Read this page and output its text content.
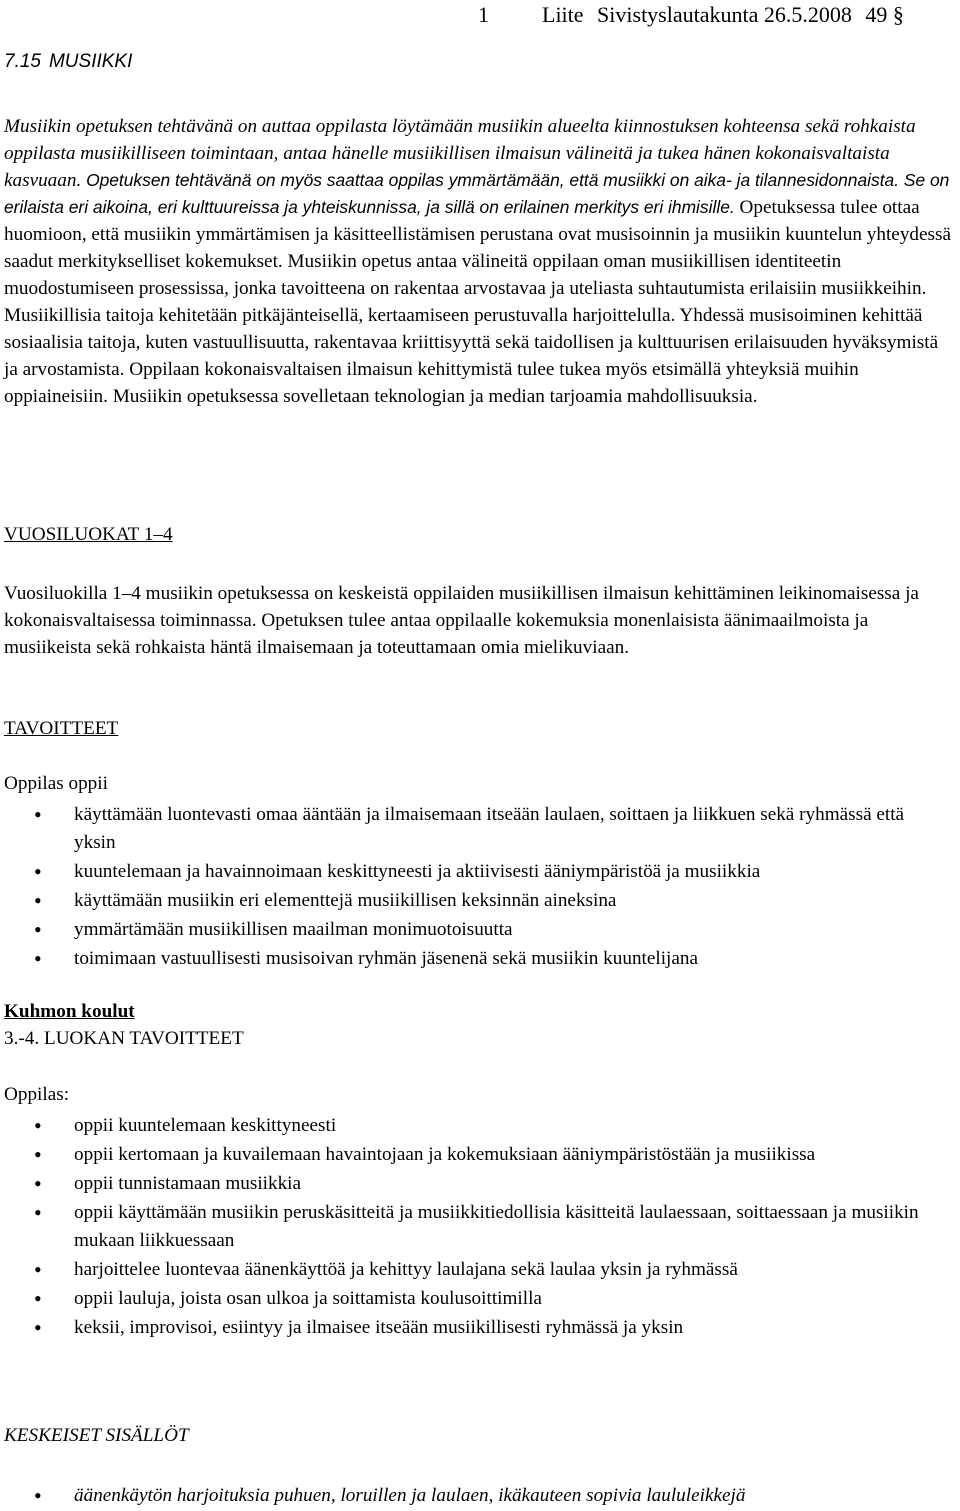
1 Liite Sivistyslautakunta 26.5.2008 49 §
7.15 MUSIIKKI

Musiikin opetuksen tehtävänä on auttaa oppilasta löytämään musiikin alueelta kiinnostuksen kohteensa sekä rohkaista oppilasta musiikilliseen toimintaan, antaa hänelle musiikillisen ilmaisun välineitä ja tukea hänen kokonaisvaltaista kasvuaan. Opetuksen tehtävänä on myös saattaa oppilas ymmärtämään, että musiikki on aika- ja tilannesidonnaista. Se on erilaista eri aikoina, eri kulttuureissa ja yhteiskunnissa, ja sillä on erilainen merkitys eri ihmisille. Opetuksessa tulee ottaa huomioon, että musiikin ymmärtämisen ja käsitteellistämisen perustana ovat musisoinnin ja musiikin kuuntelun yhteydessä saadut merkitykselliset kokemukset. Musiikin opetus antaa välineitä oppilaan oman musiikillisen identiteetin muodostumiseen prosessissa, jonka tavoitteena on rakentaa arvostavaa ja uteliasta suhtautumista erilaisiin musiikkeihin. Musiikillisia taitoja kehitetään pitkäjänteisellä, kertaamiseen perustuvalla harjoittelulla. Yhdessä musisoiminen kehittää sosiaalisia taitoja, kuten vastuullisuutta, rakentavaa kriittisyyttä sekä taidollisen ja kulttuurisen erilaisuuden hyväksymistä ja arvostamista. Oppilaan kokonaisvaltaisen ilmaisun kehittymistä tulee tukea myös etsimällä yhteyksiä muihin oppiaineisiin. Musiikin opetuksessa sovelletaan teknologian ja median tarjoamia mahdollisuuksia.

VUOSILUOKAT 1–4

Vuosiluokilla 1–4 musiikin opetuksessa on keskeistä oppilaiden musiikillisen ilmaisun kehittäminen leikinomaisessa ja kokonaisvaltaisessa toiminnassa. Opetuksen tulee antaa oppilaalle kokemuksia monenlaisista äänimaailmoista ja musiikeista sekä rohkaista häntä ilmaisemaan ja toteuttamaan omia mielikuviaan.

TAVOITTEET
Oppilas oppii
• käyttämään luontevasti omaa ääntään ja ilmaisemaan itseään laulaen, soittaen ja liikkuen sekä ryhmässä että yksin
• kuuntelemaan ja havainnoimaan keskittyneesti ja aktiivisesti ääniympäristöä ja musiikkia
• käyttämään musiikin eri elementtejä musiikillisen keksinnän aineksina
• ymmärtämään musiikillisen maailman monimuotoisuutta
• toimimaan vastuullisesti musisoivan ryhmän jäsenenä sekä musiikin kuuntelijana
Kuhmon koulut
3.-4. LUOKAN TAVOITTEET
Oppilas:
• oppii kuuntelemaan keskittyneesti
• oppii kertomaan ja kuvailemaan havaintojaan ja kokemuksiaan ääniympäristöstään ja musiikissa
• oppii tunnistamaan musiikkia
• oppii käyttämään musiikin peruskäsitteitä ja musiikkitiedollisia käsitteitä laulaessaan, soittaessaan ja musiikin mukaan liikkuessaan
• harjoittelee luontevaa äänenkäyttöä ja kehittyy laulajana sekä laulaa yksin ja ryhmässä
• oppii lauluja, joista osan ulkoa ja soittamista koulusoittimilla
• keksii, improvisoi, esiintyy ja ilmaisee itseään musiikillisesti ryhmässä ja yksin
KESKEISET SISÄLLÖT
• äänenkäytön harjoituksia puhuen, loruillen ja laulaen, ikäkauteen sopivia laululeikkejä
